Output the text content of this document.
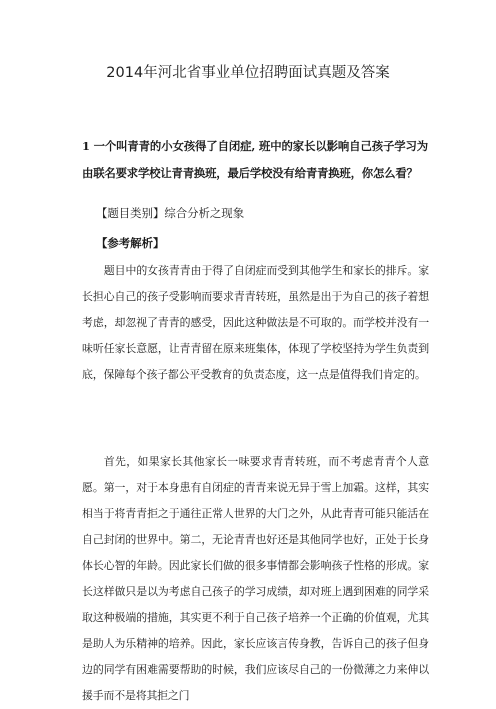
2014年河北省事业单位招聘面试真题及答案
1 一个叫青青的小女孩得了自闭症, 班中的家长以影响自己孩子学习为由联名要求学校让青青换班，最后学校没有给青青换班，你怎么看？
【题目类别】综合分析之现象
【参考解析】
题目中的女孩青青由于得了自闭症而受到其他学生和家长的排斥。家长担心自己的孩子受影响而要求青青转班，虽然是出于为自己的孩子着想考虑，却忽视了青青的感受，因此这种做法是不可取的。而学校并没有一味听任家长意愿，让青青留在原来班集体，体现了学校坚持为学生负责到底，保障每个孩子都公平受教育的负责态度，这一点是值得我们肯定的。
首先，如果家长其他家长一味要求青青转班，而不考虑青青个人意愿。第一，对于本身患有自闭症的青青来说无异于雪上加霜。这样，其实相当于将青青拒之于通往正常人世界的大门之外，从此青青可能只能活在自己封闭的世界中。第二，无论青青也好还是其他同学也好，正处于长身体长心智的年龄。因此家长们做的很多事情都会影响孩子性格的形成。家长这样做只是以为考虑自己孩子的学习成绩，却对班上遇到困难的同学采取这种极端的措施，其实更不利于自己孩子培养一个正确的价值观，尤其是助人为乐精神的培养。因此，家长应该言传身教，告诉自己的孩子但身边的同学有困难需要帮助的时候，我们应该尽自己的一份微薄之力来伸以援手而不是将其拒之门
